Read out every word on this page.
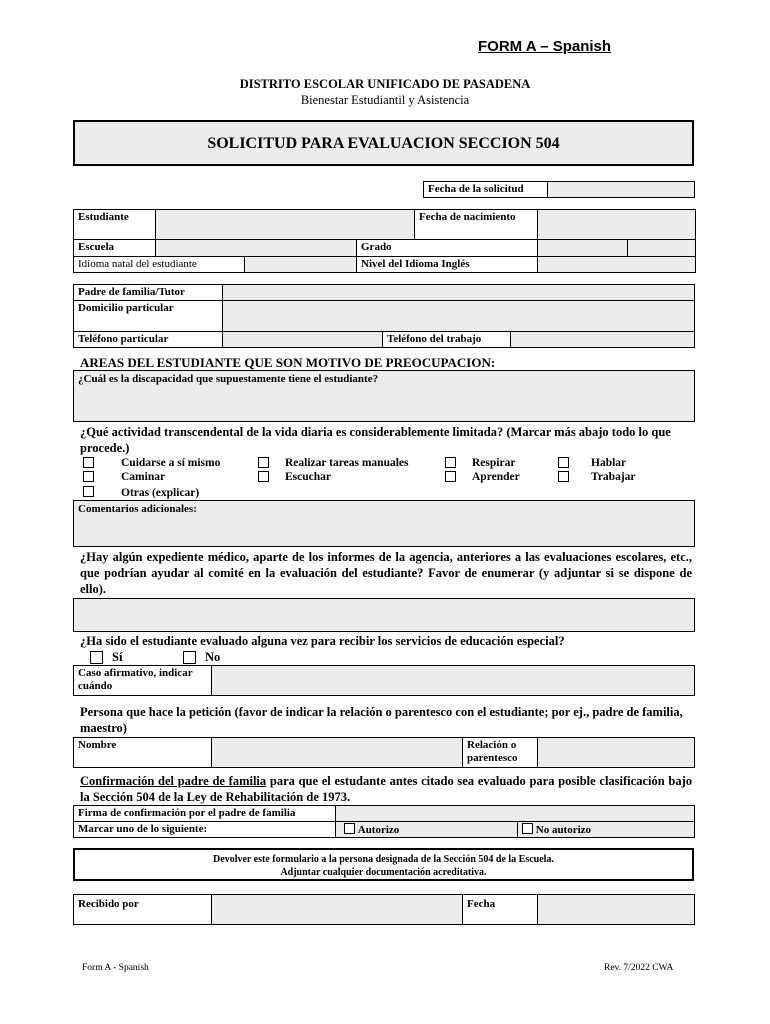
FORM A – Spanish
DISTRITO ESCOLAR UNIFICADO DE PASADENA
Bienestar Estudiantil y Asistencia
SOLICITUD PARA EVALUACION SECCION 504
Fecha de la solicitud	
Estudiante				Fecha de nacimiento		
Escuela			Grado			
Idioma natal del estudiante			Nivel del Idioma Inglés			
Padre de familia/Tutor			
Domicilio particular			
Teléfono particular		Teléfono del trabajo	
AREAS DEL ESTUDIANTE QUE SON MOTIVO DE PREOCUPACION:
¿Cuál es la discapacidad que supuestamente tiene el estudiante?
¿Qué actividad transcendental de la vida diaria es considerablemente limitada? (Marcar más abajo todo lo que procede.)
Cuidarse a sí mismo	Realizar tareas manuales	Respirar	Hablar
Caminar	Escuchar	Aprender	Trabajar
Otras (explicar)
Comentarios adicionales:
¿Hay algún expediente médico, aparte de los informes de la agencia, anteriores a las evaluaciones escolares, etc., que podrían ayudar al comité en la evaluación del estudiante? Favor de enumerar (y adjuntar si se dispone de ello).
¿Ha sido el estudiante evaluado alguna vez para recibir los servicios de educación especial?
Sí	No
Caso afirmativo, indicar cuándo	
Persona que hace la petición (favor de indicar la relación o parentesco con el estudiante; por ej., padre de familia, maestro)
Nombre		Relación o parentesco	
Confirmación del padre de familia para que el estudante antes citado sea evaluado para posible clasificación bajo la Sección 504 de la Ley de Rehabilitación de 1973.
Firma de confirmación por el padre de familia		
Marcar uno de lo siguiente:	Autorizo	No autorizo
Devolver este formulario a la persona designada de la Sección 504 de la Escuela.
Adjuntar cualquier documentación acreditativa.
Recibido por		Fecha	
Form A - Spanish	Rev. 7/2022 CWA
